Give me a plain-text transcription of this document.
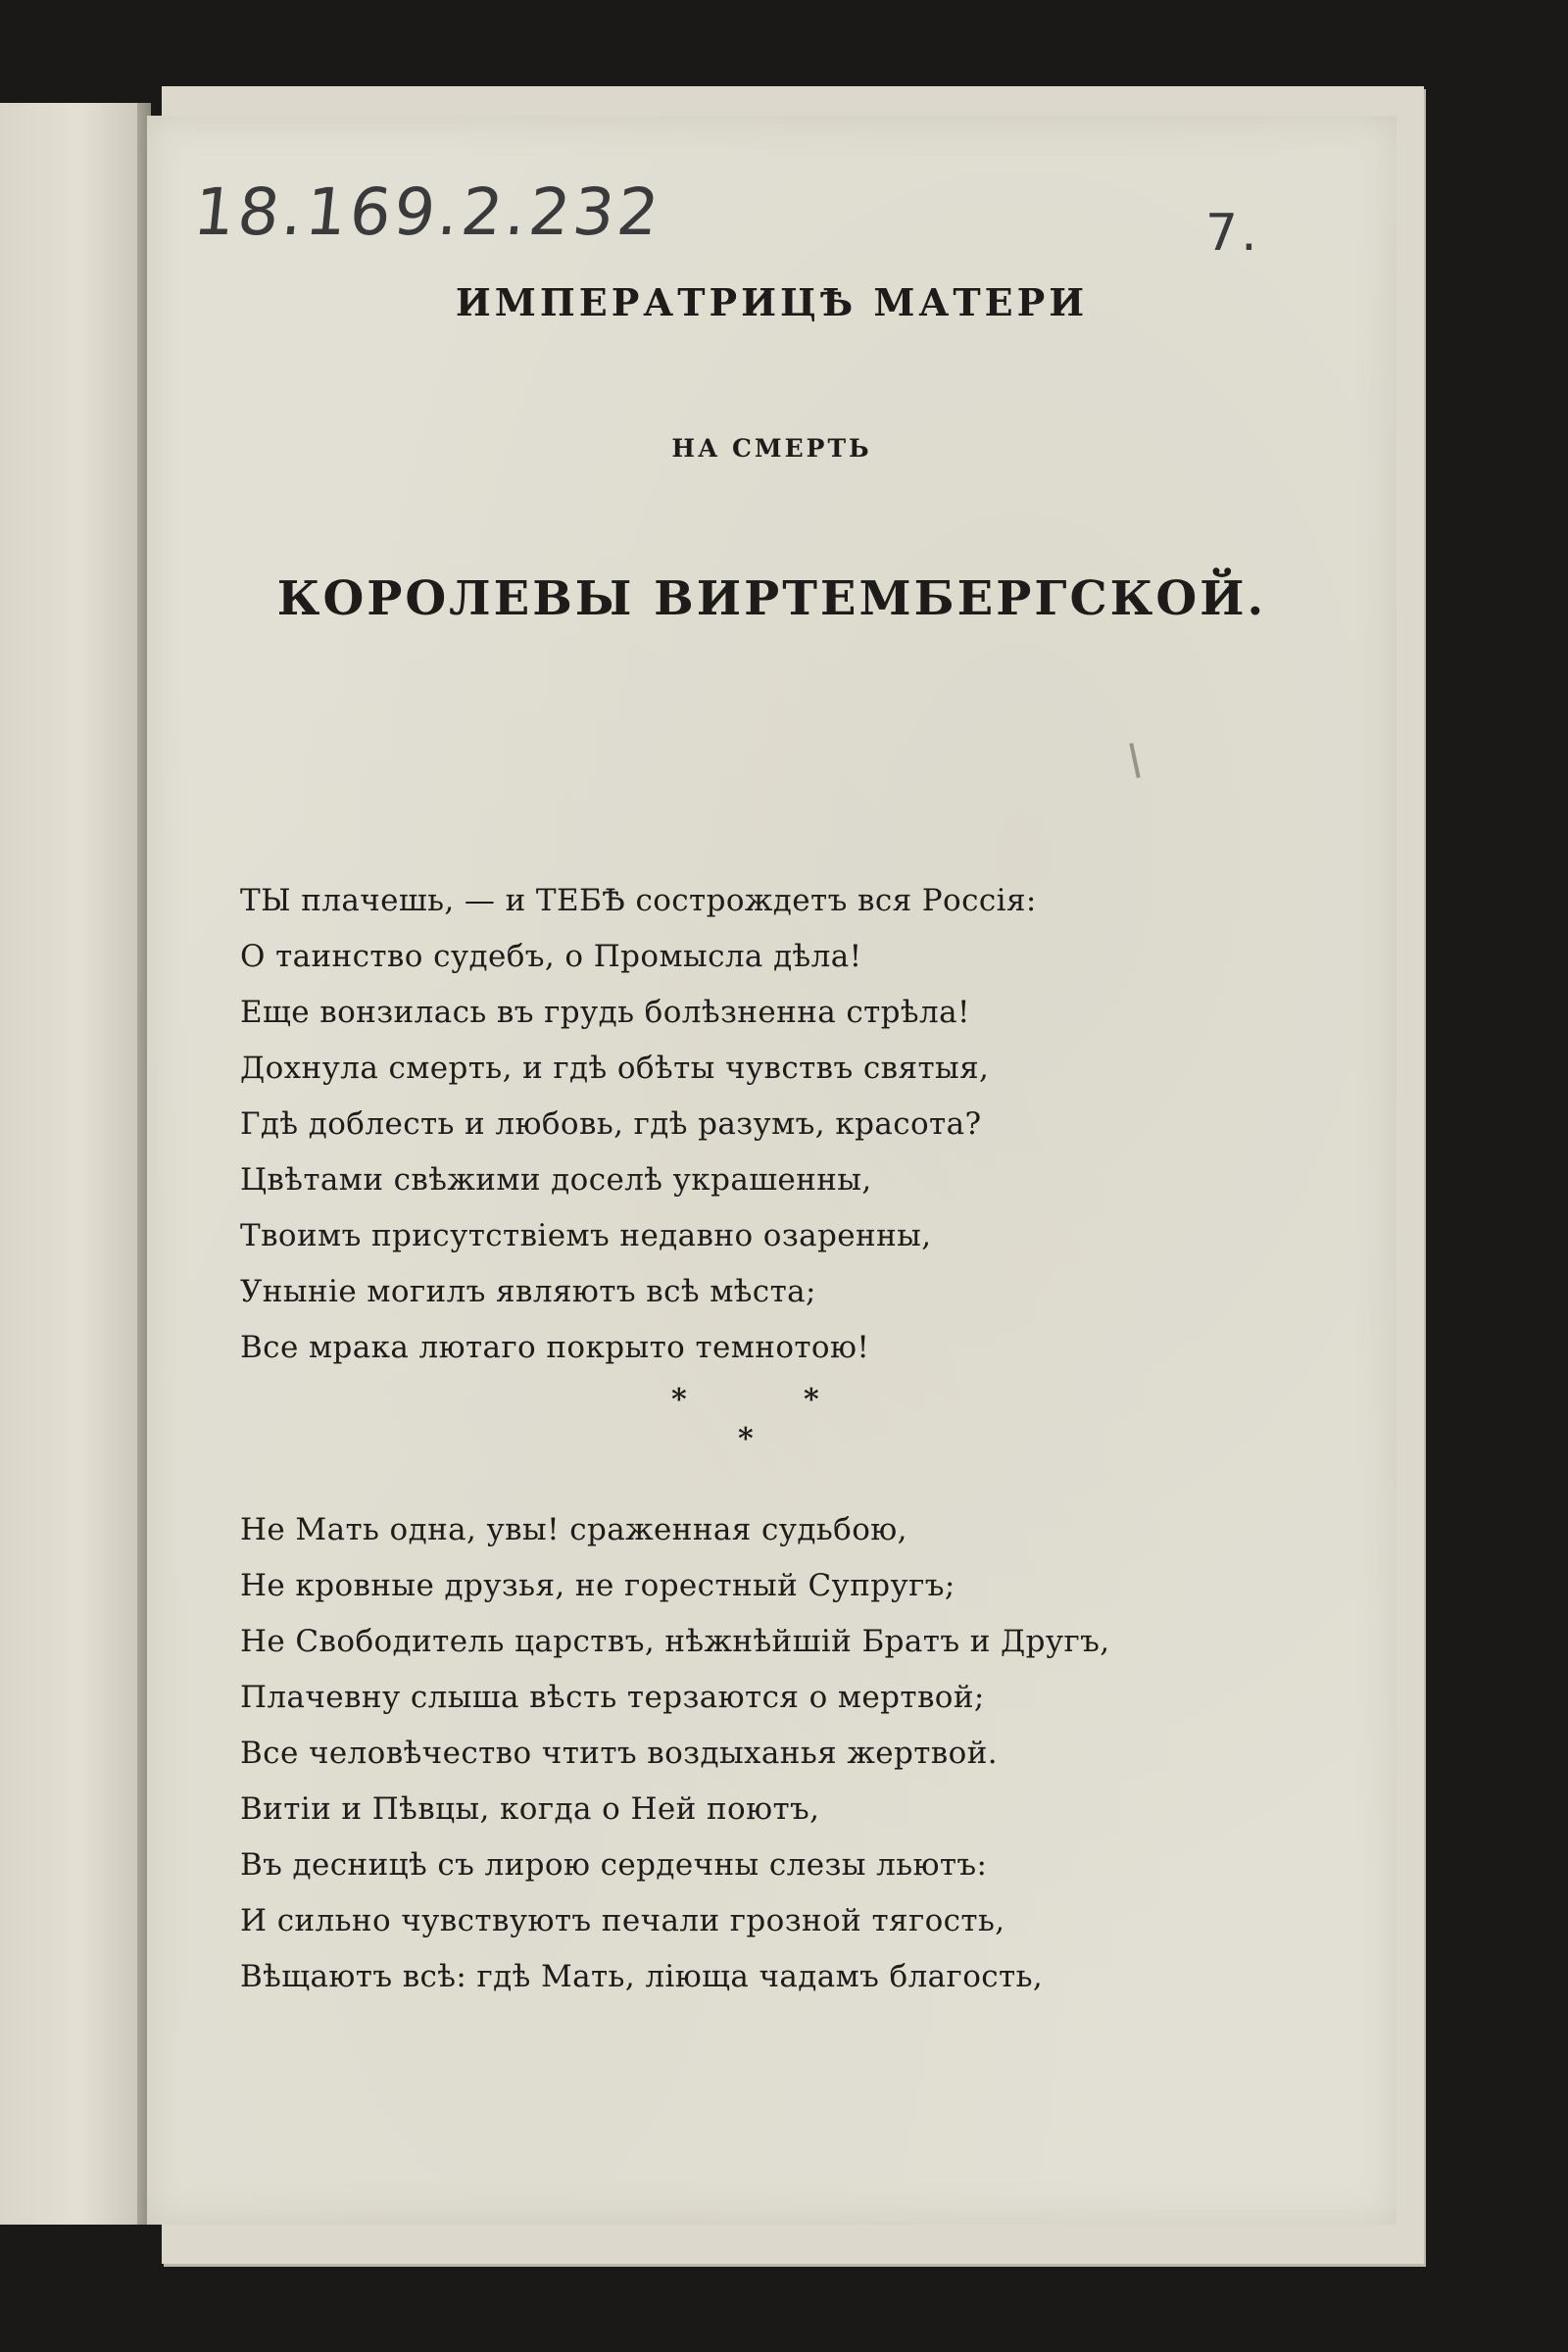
18.169.2.232	7.
ИМПЕРАТРИЦѢ МАТЕРИ
НА СМЕРТЬ
КОРОЛЕВЫ ВИРТЕМБЕРГСКОЙ.
ТЫ плачешь, — и ТЕБѢ сострождетъ вся Россія:
О таинство судебъ, о Промысла дѣла!
Еще вонзилась въ грудь болѣзненна стрѣла!
Дохнула смерть, и гдѣ обѣты чувствъ святыя,
Гдѣ доблесть и любовь, гдѣ разумъ, красота?
Цвѣтами свѣжими доселѣ украшенны,
Твоимъ присутствіемъ недавно озаренны,
Уныніе могилъ являютъ всѣ мѣста;
Все мрака лютаго покрыто темнотою!
*	*
*
Не Мать одна, увы! сраженная судьбою,
Не кровные друзья, не горестный Супругъ;
Не Свободитель царствъ, нѣжнѣйшій Братъ и Другъ,
Плачевну слыша вѣсть терзаются о мертвой;
Все человѣчество чтитъ воздыханья жертвой.
Витіи и Пѣвцы, когда о Ней поютъ,
Въ десницѣ съ лирою сердечны слезы льютъ:
И сильно чувствуютъ печали грозной тягость,
Вѣщаютъ всѣ: гдѣ Мать, ліюща чадамъ благость,
